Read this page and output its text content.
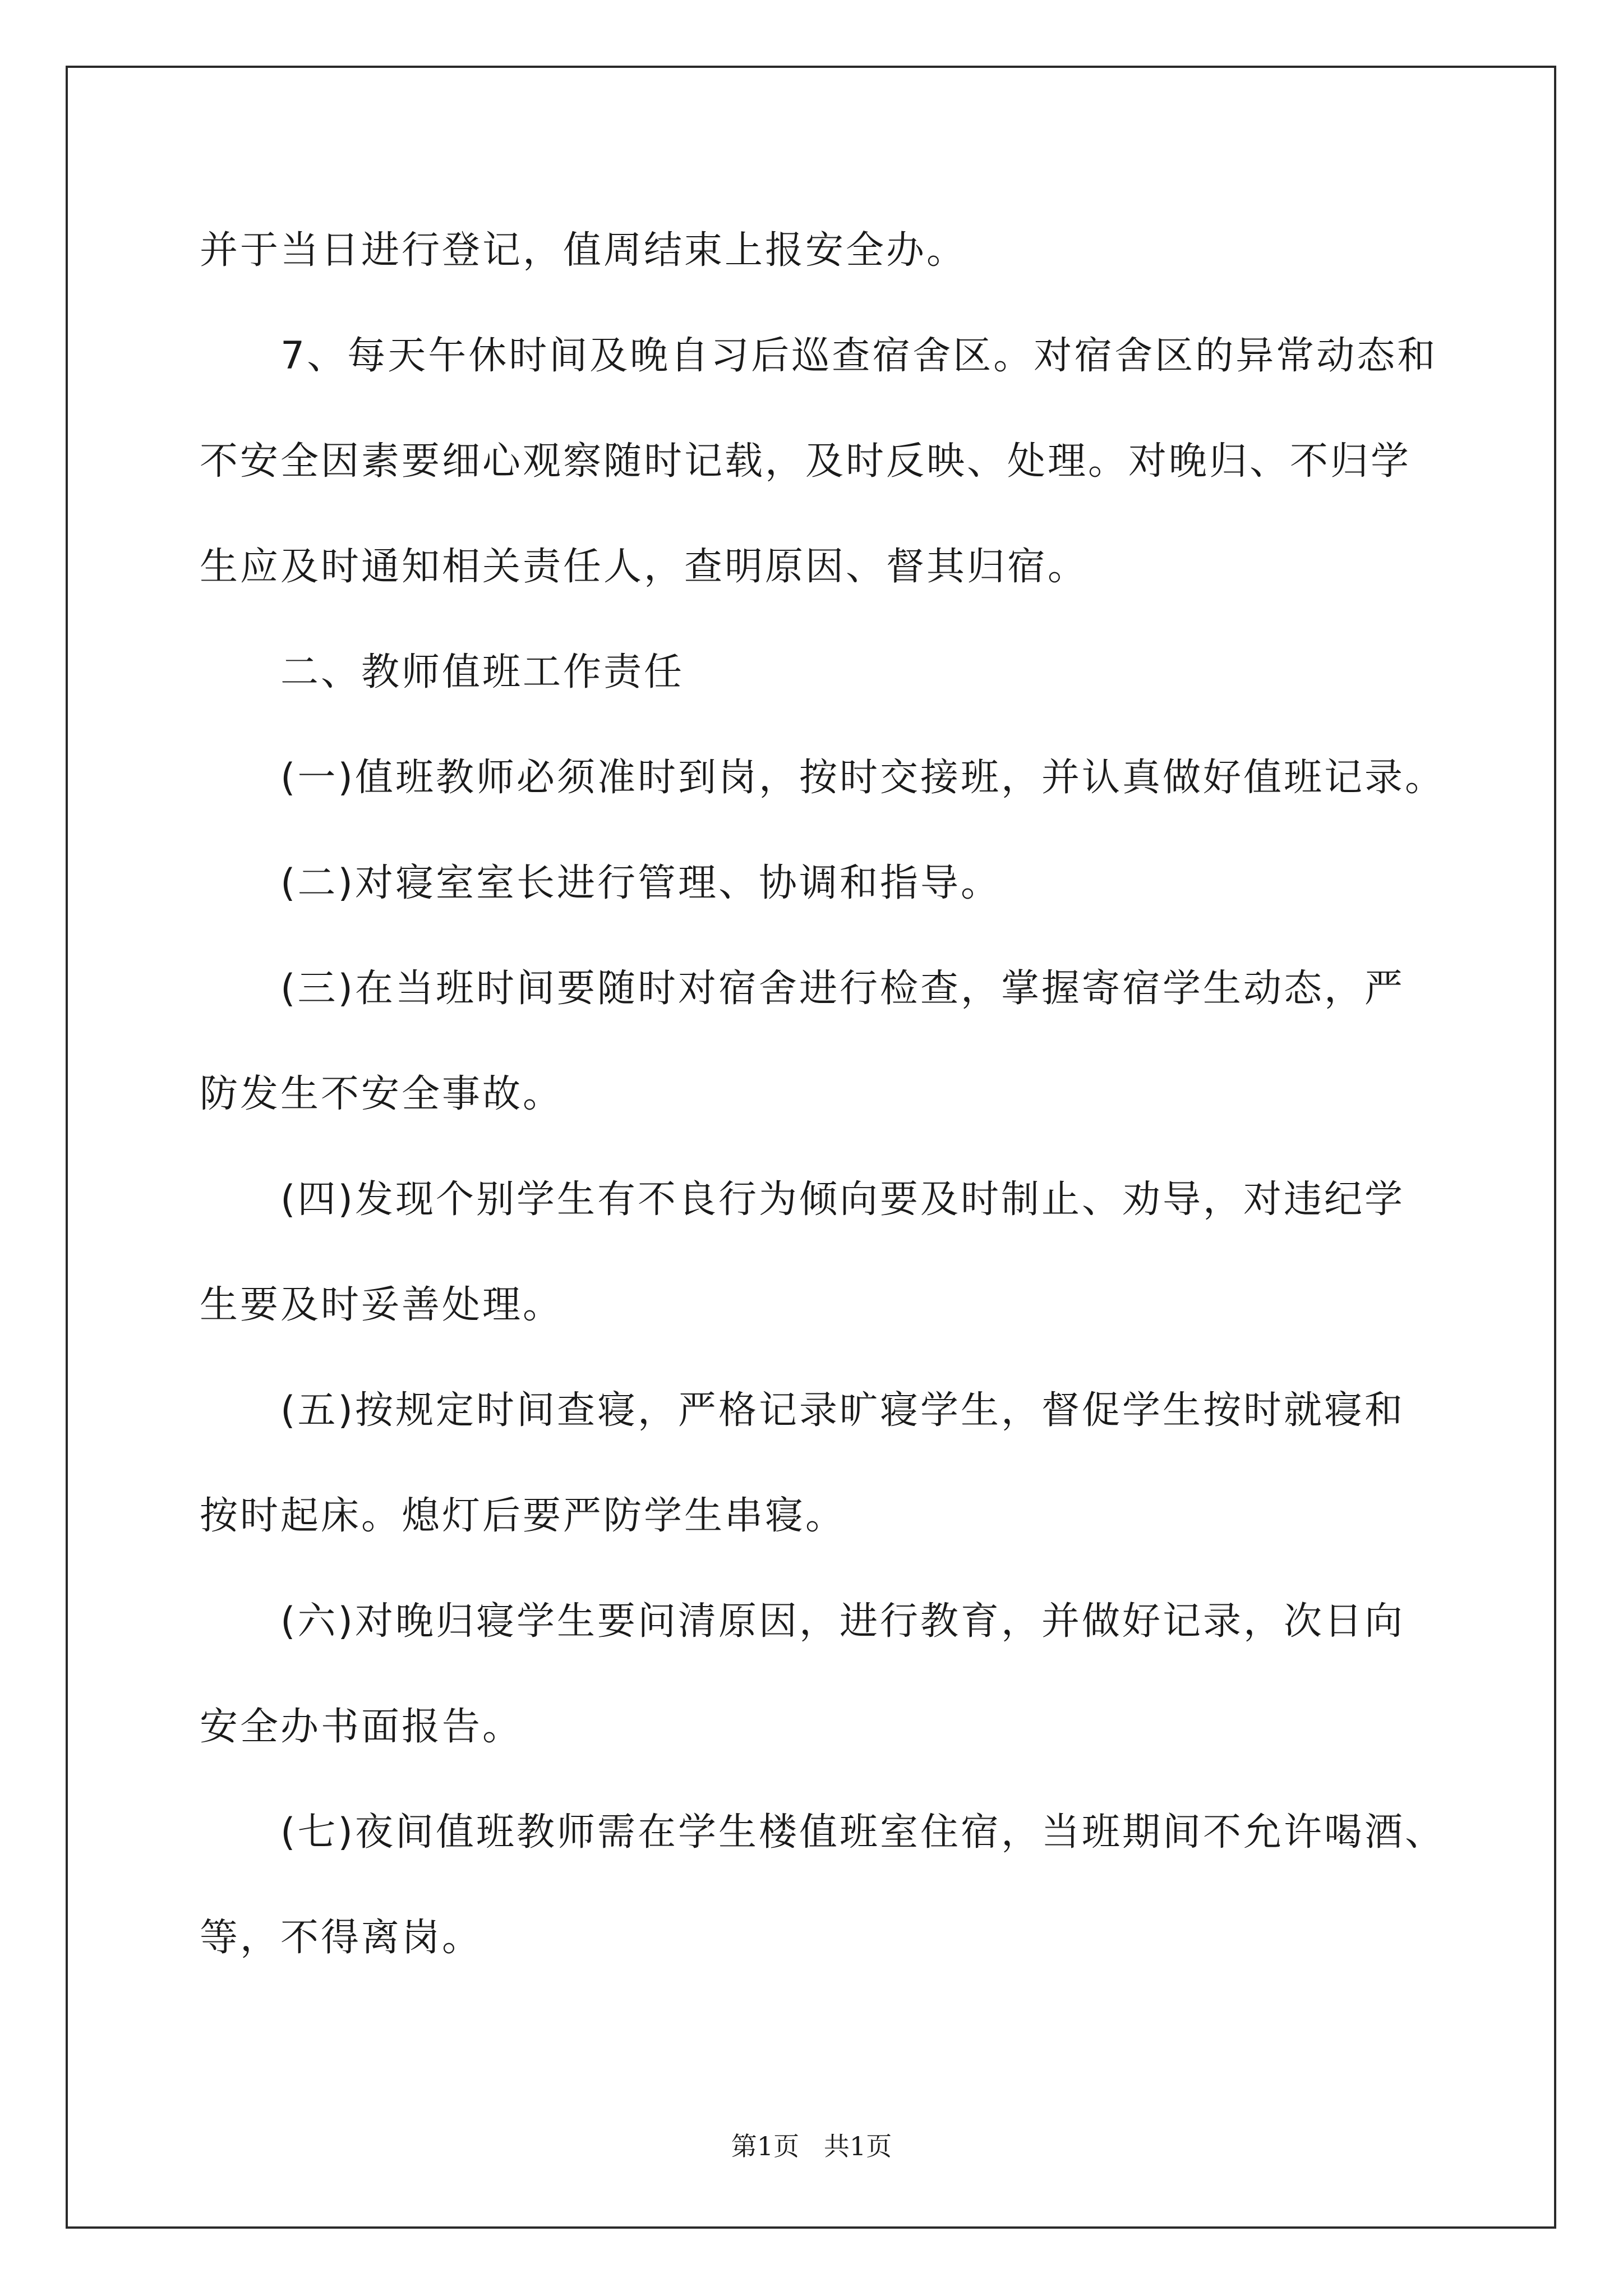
并于当日进行登记，值周结束上报安全办。
7、每天午休时间及晚自习后巡查宿舍区。对宿舍区的异常动态和
不安全因素要细心观察随时记载，及时反映、处理。对晚归、不归学
生应及时通知相关责任人，查明原因、督其归宿。
二、教师值班工作责任
(一)值班教师必须准时到岗，按时交接班，并认真做好值班记录。
(二)对寝室室长进行管理、协调和指导。
(三)在当班时间要随时对宿舍进行检查，掌握寄宿学生动态，严
防发生不安全事故。
(四)发现个别学生有不良行为倾向要及时制止、劝导，对违纪学
生要及时妥善处理。
(五)按规定时间查寝，严格记录旷寝学生，督促学生按时就寝和
按时起床。熄灯后要严防学生串寝。
(六)对晚归寝学生要问清原因，进行教育，并做好记录，次日向
安全办书面报告。
(七)夜间值班教师需在学生楼值班室住宿，当班期间不允许喝酒、
等，不得离岗。
第1页   共1页
